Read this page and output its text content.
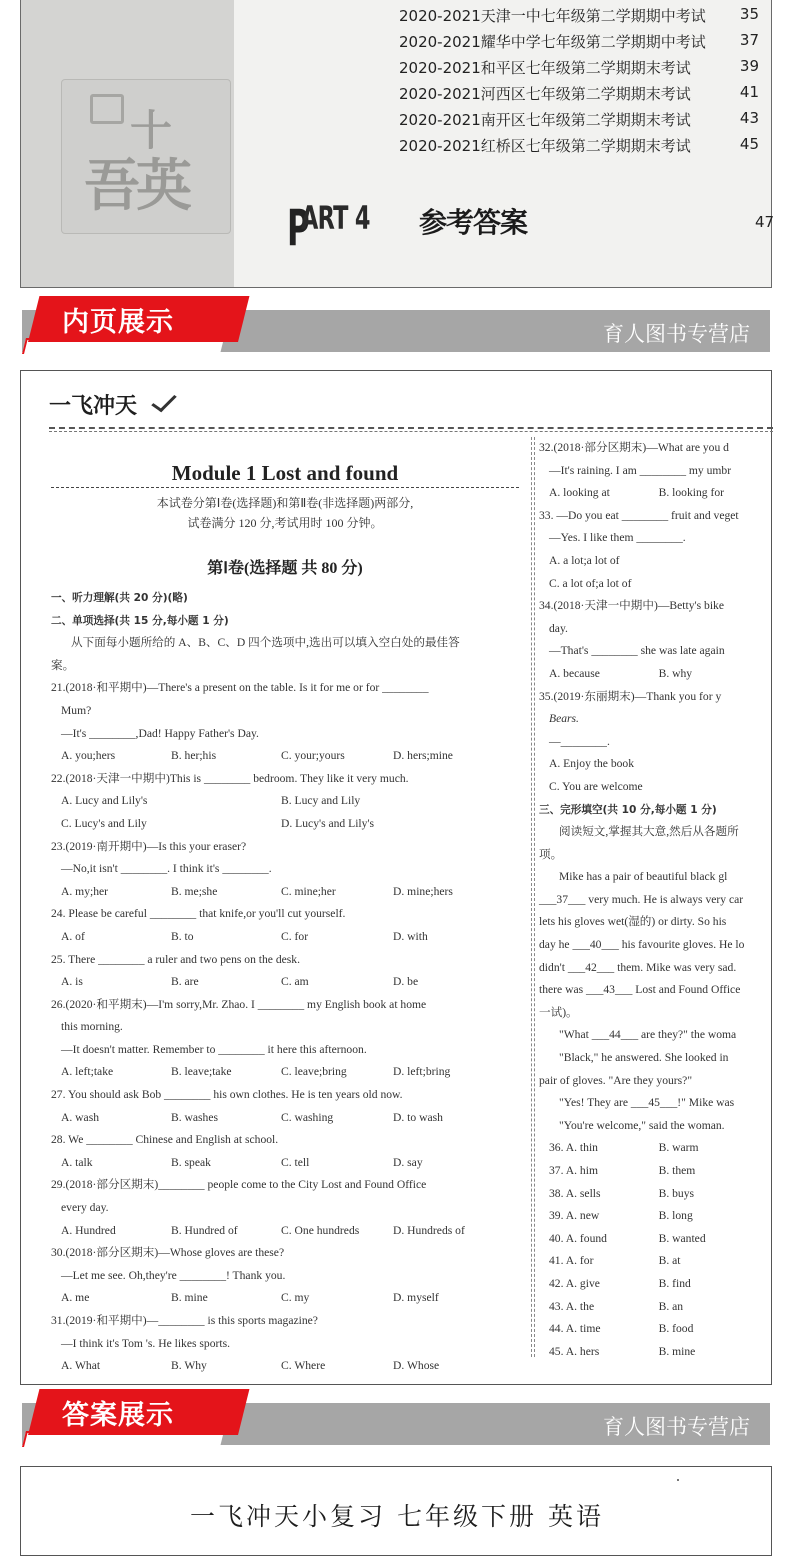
十
吾英
2020-2021天津一中七年级第二学期期中考试 35
2020-2021耀华中学七年级第二学期期中考试 37
2020-2021和平区七年级第二学期期末考试	39
2020-2021河西区七年级第二学期期末考试	41
2020-2021南开区七年级第二学期期末考试	43
2020-2021红桥区七年级第二学期期末考试	45
P
ART 4 参考答案	47
内页展示	育人图书专营店
一飞冲天
Module 1 Lost and found
本试卷分第Ⅰ卷(选择题)和第Ⅱ卷(非选择题)两部分,
试卷满分 120 分,考试用时 100 分钟。
第Ⅰ卷(选择题 共 80 分)
一、听力理解(共 20 分)(略)
二、单项选择(共 15 分,每小题 1 分)
从下面每小题所给的 A、B、C、D 四个选项中,选出可以填入空白处的最佳答
案。
21.(2018·和平期中)—There's a present on the table. Is it for me or for ________
Mum?
—It's ________,Dad! Happy Father's Day.
A. you;hers	B. her;his	C. your;yours	D. hers;mine
22.(2018·天津一中期中)This is ________ bedroom. They like it very much.
A. Lucy and Lily's	B. Lucy and Lily
C. Lucy's and Lily	D. Lucy's and Lily's
23.(2019·南开期中)—Is this your eraser?
—No,it isn't ________. I think it's ________.
A. my;her	B. me;she	C. mine;her	D. mine;hers
24. Please be careful ________ that knife,or you'll cut yourself.
A. of	B. to	C. for	D. with
25. There ________ a ruler and two pens on the desk.
A. is	B. are	C. am	D. be
26.(2020·和平期末)—I'm sorry,Mr. Zhao. I ________ my English book at home
this morning.
—It doesn't matter. Remember to ________ it here this afternoon.
A. left;take	B. leave;take	C. leave;bring	D. left;bring
27. You should ask Bob ________ his own clothes. He is ten years old now.
A. wash	B. washes	C. washing	D. to wash
28. We ________ Chinese and English at school.
A. talk	B. speak	C. tell	D. say
29.(2018·部分区期末)________ people come to the City Lost and Found Office
every day.
A. Hundred	B. Hundred of	C. One hundreds	D. Hundreds of
30.(2018·部分区期末)—Whose gloves are these?
—Let me see. Oh,they're ________! Thank you.
A. me	B. mine	C. my	D. myself
31.(2019·和平期中)—________ is this sports magazine?
—I think it's Tom 's. He likes sports.
A. What	B. Why	C. Where	D. Whose
32.(2018·部分区期末)—What are you d
—It's raining. I am ________ my umbr
A. looking at	B. looking for
33. —Do you eat ________ fruit and veget
—Yes. I like them ________.
A. a lot;a lot of
C. a lot of;a lot of
34.(2018·天津一中期中)—Betty's bike
day.
—That's ________ she was late again
A. because	B. why
35.(2019·东丽期末)—Thank you for y
Bears.
—________.
A. Enjoy the book
C. You are welcome
三、完形填空(共 10 分,每小题 1 分)
阅读短文,掌握其大意,然后从各题所
项。
Mike has a pair of beautiful black gl
___37___ very much. He is always very car
lets his gloves wet(湿的) or dirty. So his
day he ___40___ his favourite gloves. He lo
didn't ___42___ them. Mike was very sad.
there was ___43___ Lost and Found Office
一试)。
"What ___44___ are they?" the woma
"Black," he answered. She looked in
pair of gloves. "Are they yours?"
"Yes! They are ___45___!" Mike was
"You're welcome," said the woman.
36. A. thin	B. warm
37. A. him	B. them
38. A. sells	B. buys
39. A. new	B. long
40. A. found	B. wanted
41. A. for	B. at
42. A. give	B. find
43. A. the	B. an
44. A. time	B. food
45. A. hers	B. mine
答案展示	育人图书专营店
一飞冲天小复习 七年级下册 英语
